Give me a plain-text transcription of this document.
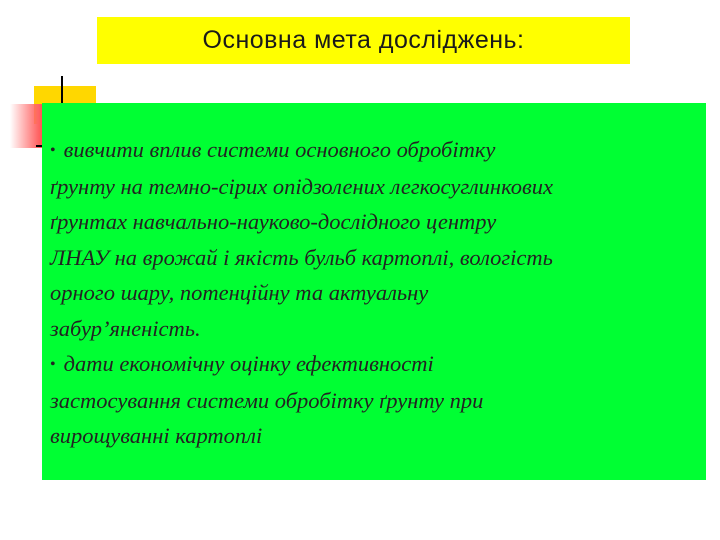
Основна мета досліджень:
• вивчити вплив системи основного обробітку
ґрунту на темно-сірих опідзолених легкосуглинкових
ґрунтах навчально-науково-дослідного центру
ЛНАУ на врожай і якість бульб картоплі, вологість
орного шару, потенційну та актуальну
забур’яненість.
• дати економічну оцінку ефективності
застосування системи обробітку ґрунту при
вирощуванні картоплі
